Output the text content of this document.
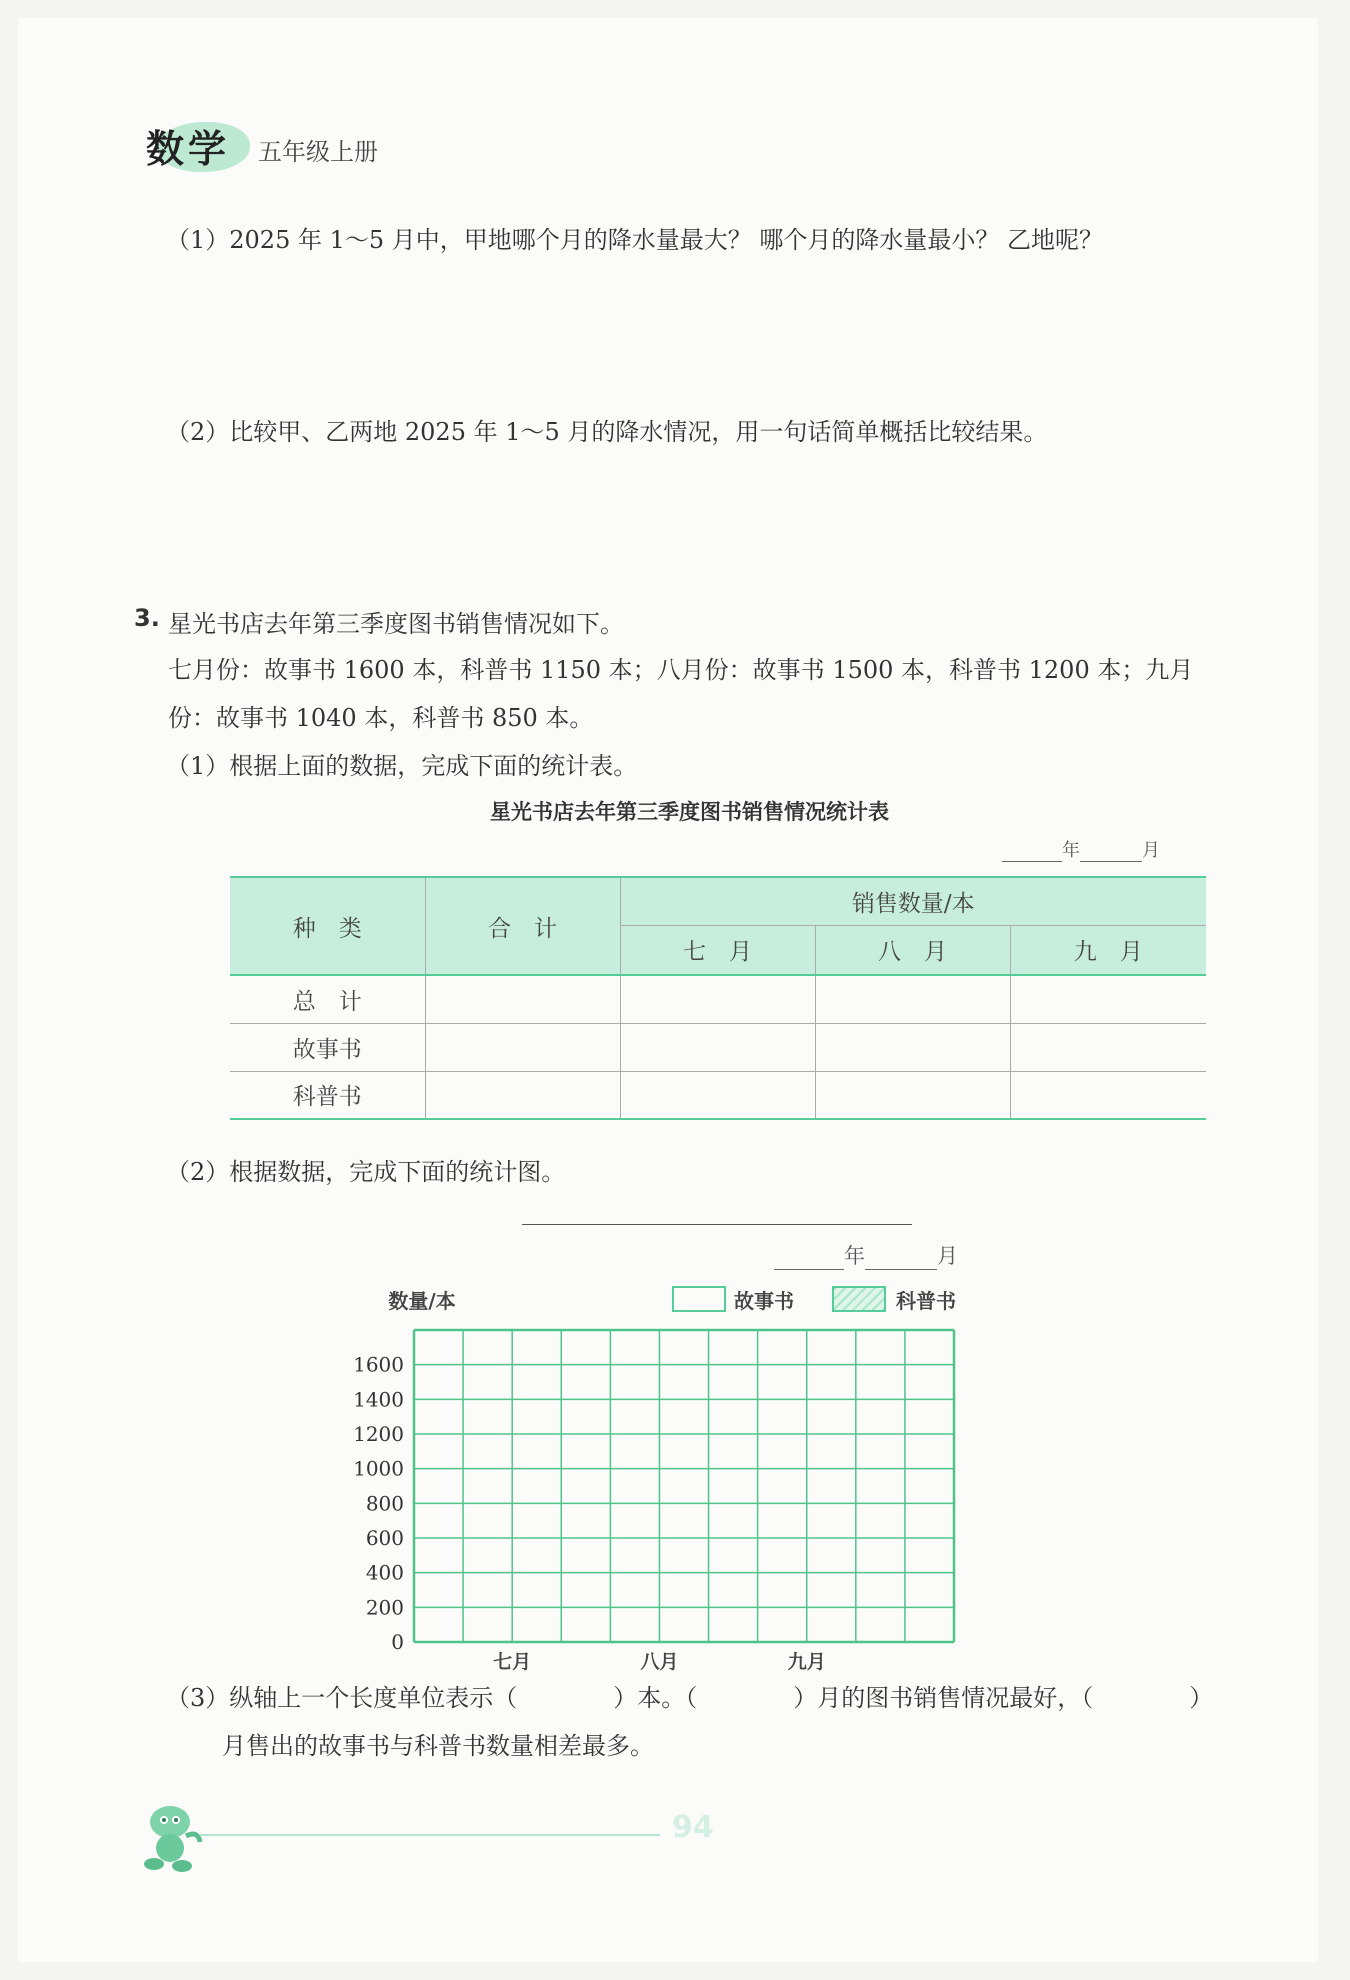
数学 五年级上册
（1）2025 年 1～5 月中，甲地哪个月的降水量最大？ 哪个月的降水量最小？ 乙地呢？
（2）比较甲、乙两地 2025 年 1～5 月的降水情况，用一句话简单概括比较结果。
3. 星光书店去年第三季度图书销售情况如下。
七月份：故事书 1600 本，科普书 1150 本；八月份：故事书 1500 本，科普书 1200 本；九月
份：故事书 1040 本，科普书 850 本。
（1）根据上面的数据，完成下面的统计表。
星光书店去年第三季度图书销售情况统计表
年	月
种　类	合　计	销售数量/本		
		七　月	八　月	九　月
总　计				
故事书				
科普书				
（2）根据数据，完成下面的统计图。
年	月
故事书	科普书
0
200
400
600
800
1000
1200
1400
1600
数量/本
七月	八月	九月
（3）纵轴上一个长度单位表示（　　　　）本。（　　　　）月的图书销售情况最好，（　　　　）
月售出的故事书与科普书数量相差最多。
94
